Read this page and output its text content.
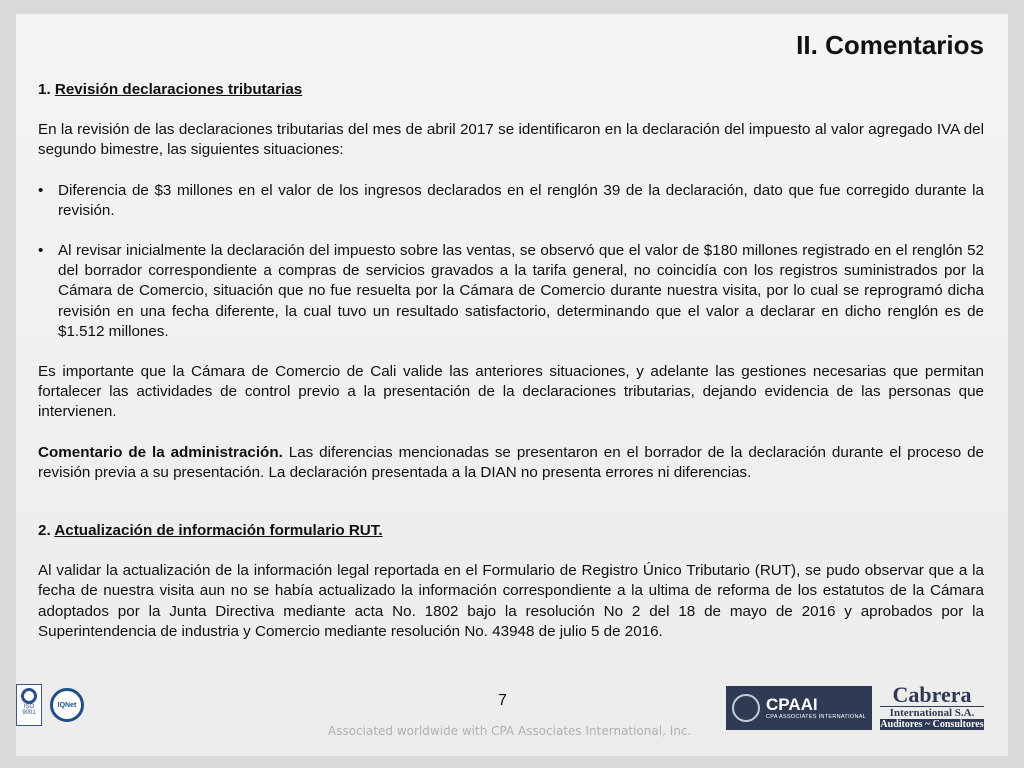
II. Comentarios

1. Revisión declaraciones tributarias

En la revisión de las declaraciones tributarias del mes de abril 2017 se identificaron en la declaración del impuesto al valor agregado IVA del segundo bimestre, las siguientes situaciones:

• Diferencia de $3 millones en el valor de los ingresos declarados en el renglón 39 de la declaración, dato que fue corregido durante la revisión.

• Al revisar inicialmente la declaración del impuesto sobre las ventas, se observó que el valor de $180 millones registrado en el renglón 52 del borrador correspondiente a compras de servicios gravados a la tarifa general, no coincidía con los registros suministrados por la Cámara de Comercio, situación que no fue resuelta por la Cámara de Comercio durante nuestra visita, por lo cual se reprogramó dicha revisión en una fecha diferente, la cual tuvo un resultado satisfactorio, determinando que el valor a declarar en dicho renglón es de $1.512 millones.

Es importante que la Cámara de Comercio de Cali valide las anteriores situaciones, y adelante las gestiones necesarias que permitan fortalecer las actividades de control previo a la presentación de la declaraciones tributarias, dejando evidencia de las personas que intervienen.

Comentario de la administración. Las diferencias mencionadas se presentaron en el borrador de la declaración durante el proceso de revisión previa a su presentación. La declaración presentada a la DIAN no presenta errores ni diferencias.

2. Actualización de información formulario RUT.

Al validar la actualización de la información legal reportada en el Formulario de Registro Único Tributario (RUT), se pudo observar que a la fecha de nuestra visita aun no se había actualizado la información correspondiente a la ultima de reforma de los estatutos de la Cámara adoptados por la Junta Directiva mediante acta No. 1802 bajo la resolución No 2 del 18 de mayo de 2016 y aprobados por la Superintendencia de industria y Comercio mediante resolución No. 43948 de julio 5 de 2016.

ISO 9001
IQNet	7
Associated worldwide with CPA Associates International, Inc.
CPAAI
CPA ASSOCIATES INTERNATIONAL
Cabrera
International S.A.
Auditores ~ Consultores
